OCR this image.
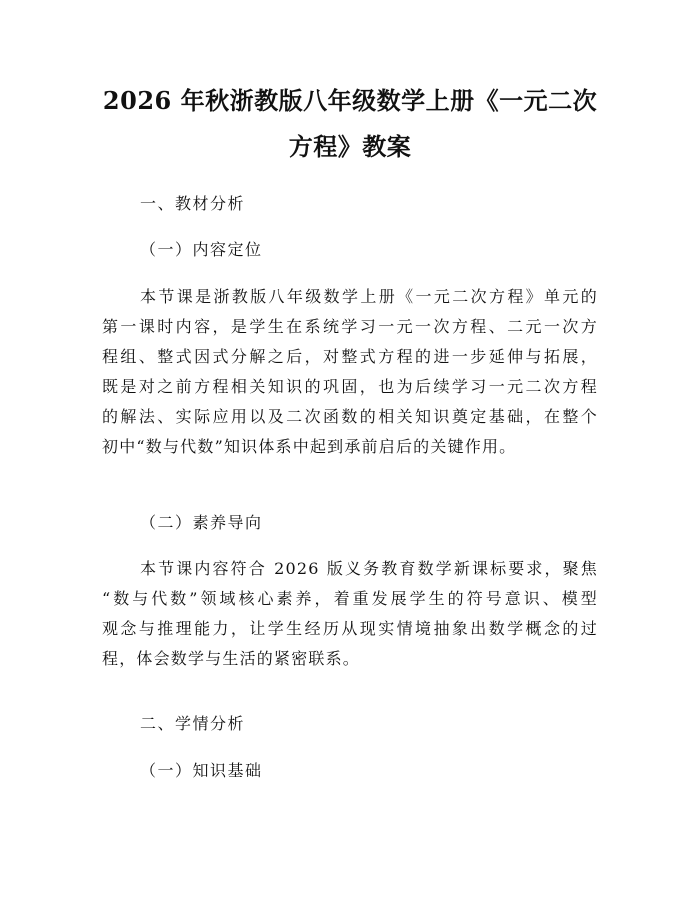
2026 年秋浙教版八年级数学上册《一元二次
方程》教案
一、教材分析
（一）内容定位
本节课是浙教版八年级数学上册《一元二次方程》单元的
第一课时内容，是学生在系统学习一元一次方程、二元一次方
程组、整式因式分解之后，对整式方程的进一步延伸与拓展，
既是对之前方程相关知识的巩固，也为后续学习一元二次方程
的解法、实际应用以及二次函数的相关知识奠定基础，在整个
初中“数与代数”知识体系中起到承前启后的关键作用。
（二）素养导向
本节课内容符合 2026 版义务教育数学新课标要求，聚焦
“数与代数”领域核心素养，着重发展学生的符号意识、模型
观念与推理能力，让学生经历从现实情境抽象出数学概念的过
程，体会数学与生活的紧密联系。
二、学情分析
（一）知识基础
